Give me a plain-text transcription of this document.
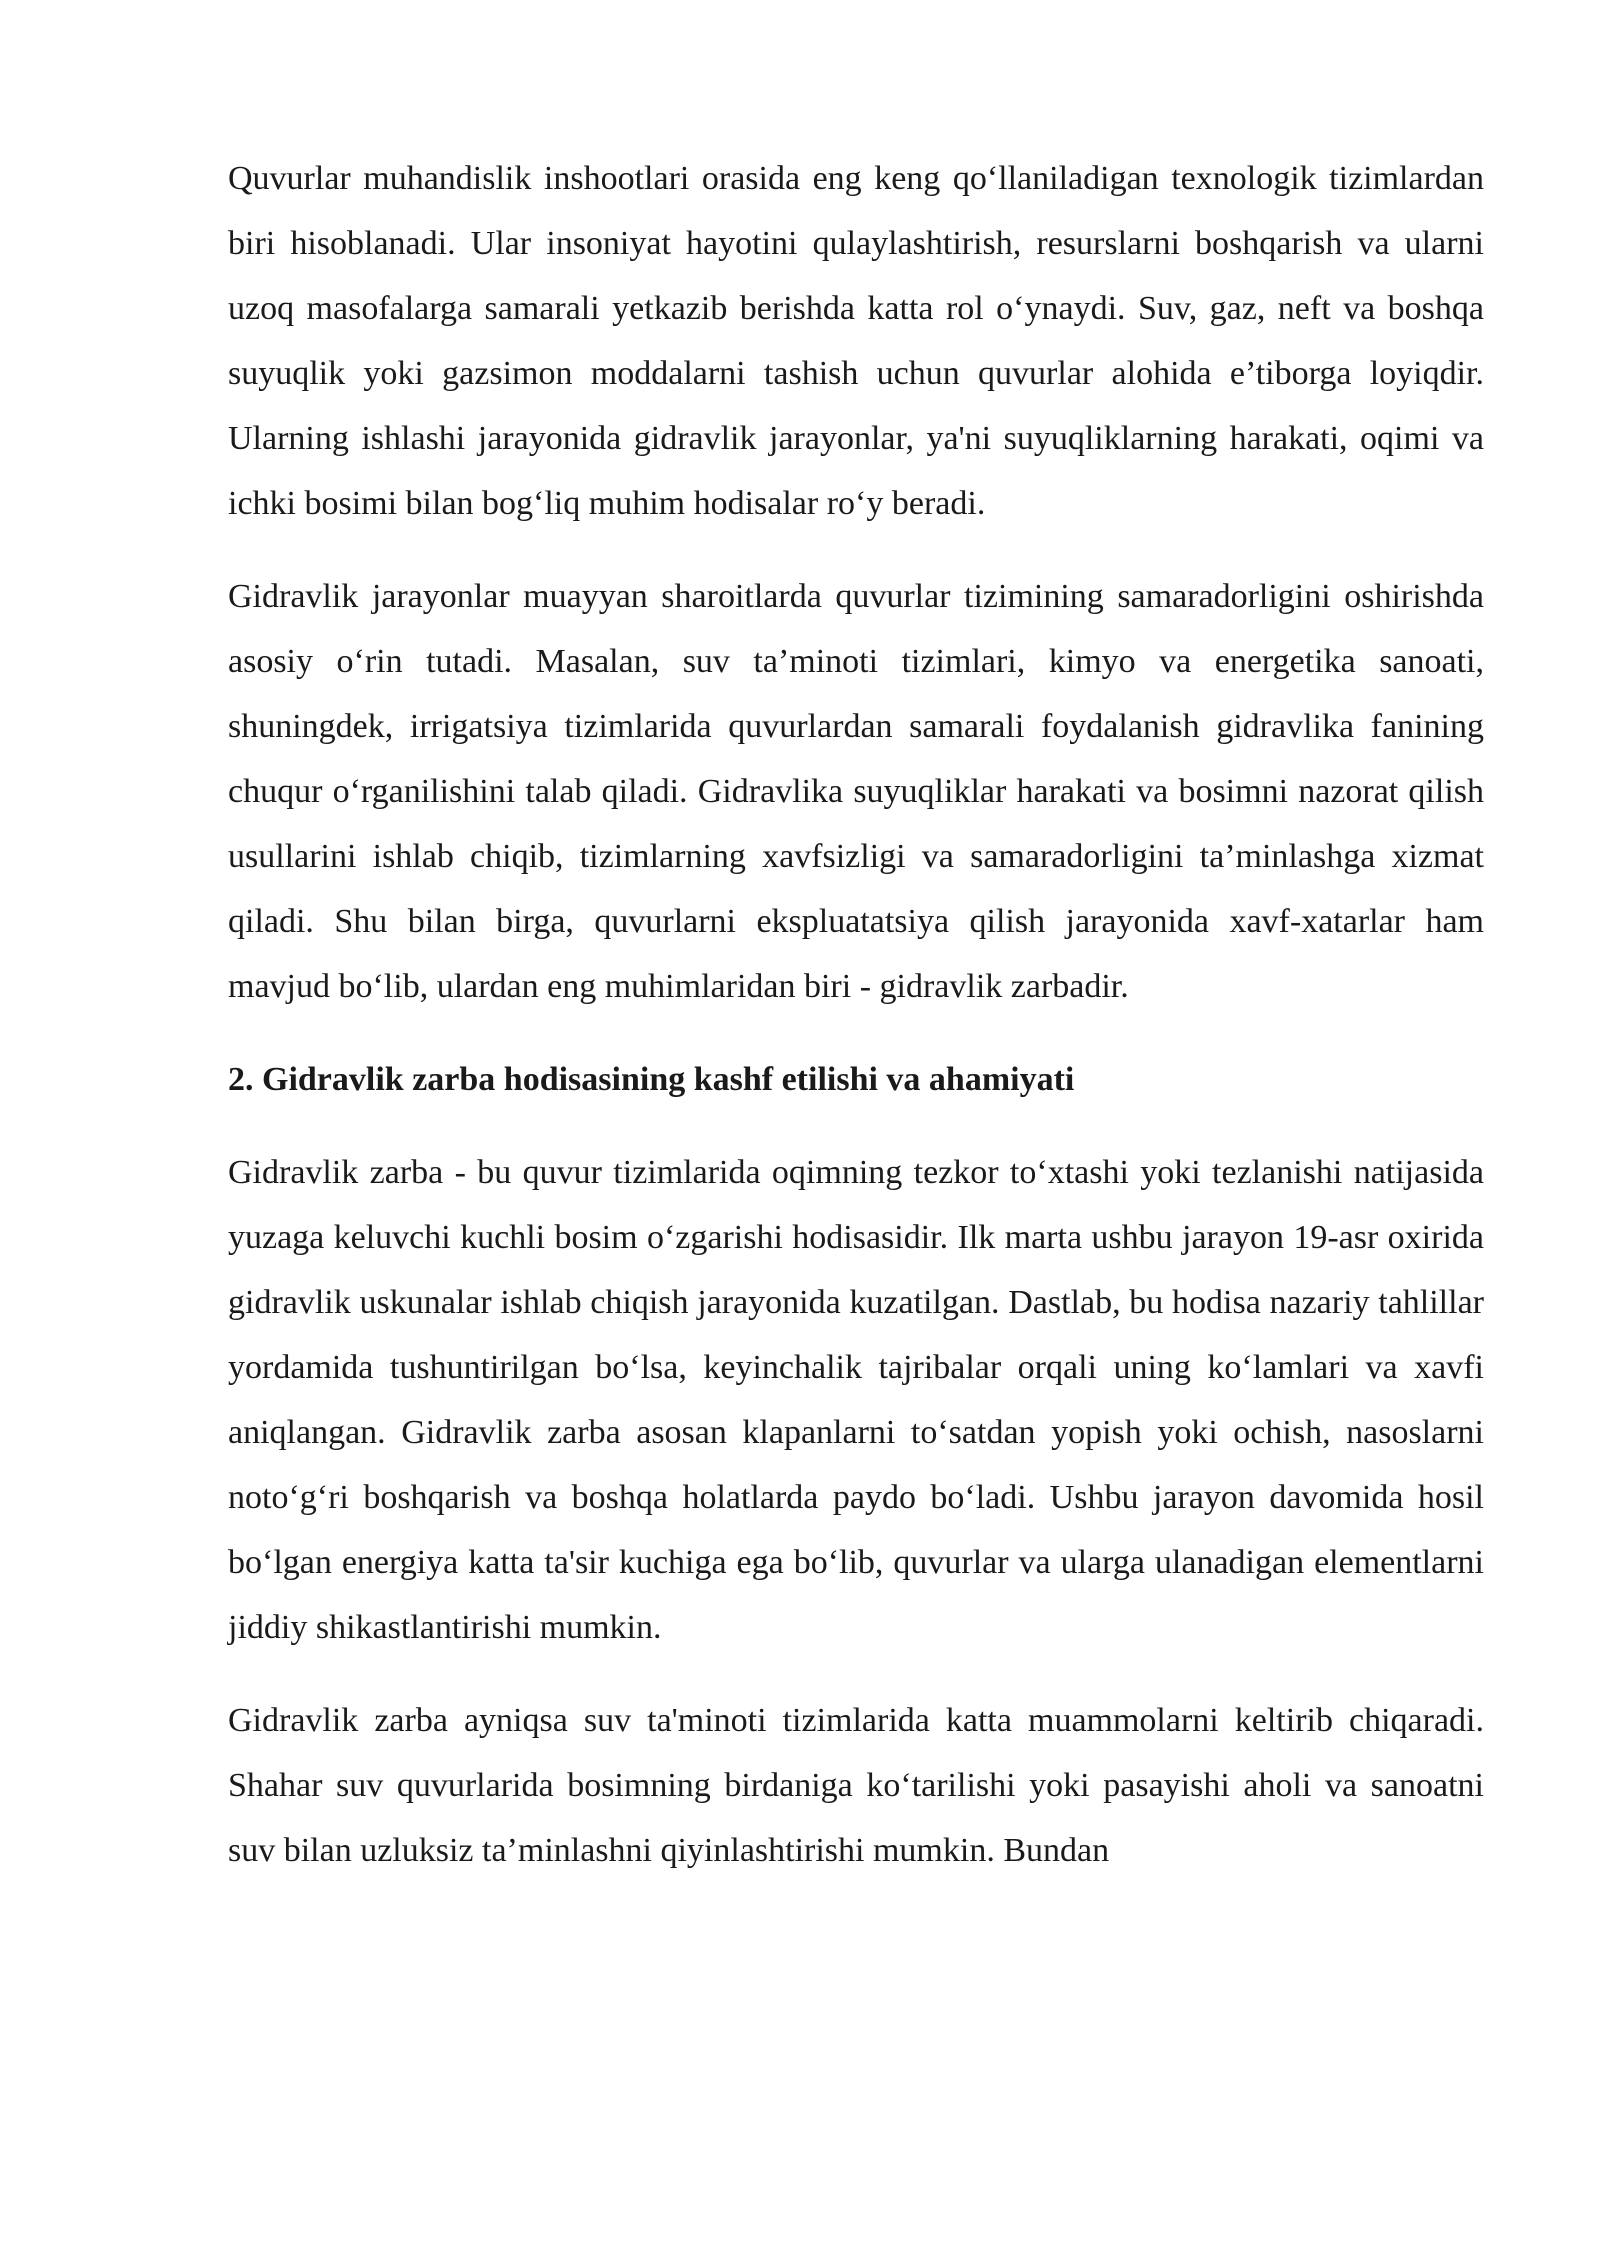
Quvurlar muhandislik inshootlari orasida eng keng qo‘llaniladigan texnologik tizimlardan biri hisoblanadi. Ular insoniyat hayotini qulaylashtirish, resurslarni boshqarish va ularni uzoq masofalarga samarali yetkazib berishda katta rol o‘ynaydi. Suv, gaz, neft va boshqa suyuqlik yoki gazsimon moddalarni tashish uchun quvurlar alohida e’tiborga loyiqdir. Ularning ishlashi jarayonida gidravlik jarayonlar, ya'ni suyuqliklarning harakati, oqimi va ichki bosimi bilan bog‘liq muhim hodisalar ro‘y beradi.

Gidravlik jarayonlar muayyan sharoitlarda quvurlar tizimining samaradorligini oshirishda asosiy o‘rin tutadi. Masalan, suv ta’minoti tizimlari, kimyo va energetika sanoati, shuningdek, irrigatsiya tizimlarida quvurlardan samarali foydalanish gidravlika fanining chuqur o‘rganilishini talab qiladi. Gidravlika suyuqliklar harakati va bosimni nazorat qilish usullarini ishlab chiqib, tizimlarning xavfsizligi va samaradorligini ta’minlashga xizmat qiladi. Shu bilan birga, quvurlarni ekspluatatsiya qilish jarayonida xavf-xatarlar ham mavjud bo‘lib, ulardan eng muhimlaridan biri - gidravlik zarbadir.

2. Gidravlik zarba hodisasining kashf etilishi va ahamiyati

Gidravlik zarba - bu quvur tizimlarida oqimning tezkor to‘xtashi yoki tezlanishi natijasida yuzaga keluvchi kuchli bosim o‘zgarishi hodisasidir. Ilk marta ushbu jarayon 19-asr oxirida gidravlik uskunalar ishlab chiqish jarayonida kuzatilgan. Dastlab, bu hodisa nazariy tahlillar yordamida tushuntirilgan bo‘lsa, keyinchalik tajribalar orqali uning ko‘lamlari va xavfi aniqlangan. Gidravlik zarba asosan klapanlarni to‘satdan yopish yoki ochish, nasoslarni noto‘g‘ri boshqarish va boshqa holatlarda paydo bo‘ladi. Ushbu jarayon davomida hosil bo‘lgan energiya katta ta'sir kuchiga ega bo‘lib, quvurlar va ularga ulanadigan elementlarni jiddiy shikastlantirishi mumkin.

Gidravlik zarba ayniqsa suv ta'minoti tizimlarida katta muammolarni keltirib chiqaradi. Shahar suv quvurlarida bosimning birdaniga ko‘tarilishi yoki pasayishi aholi va sanoatni suv bilan uzluksiz ta’minlashni qiyinlashtirishi mumkin. Bundan
